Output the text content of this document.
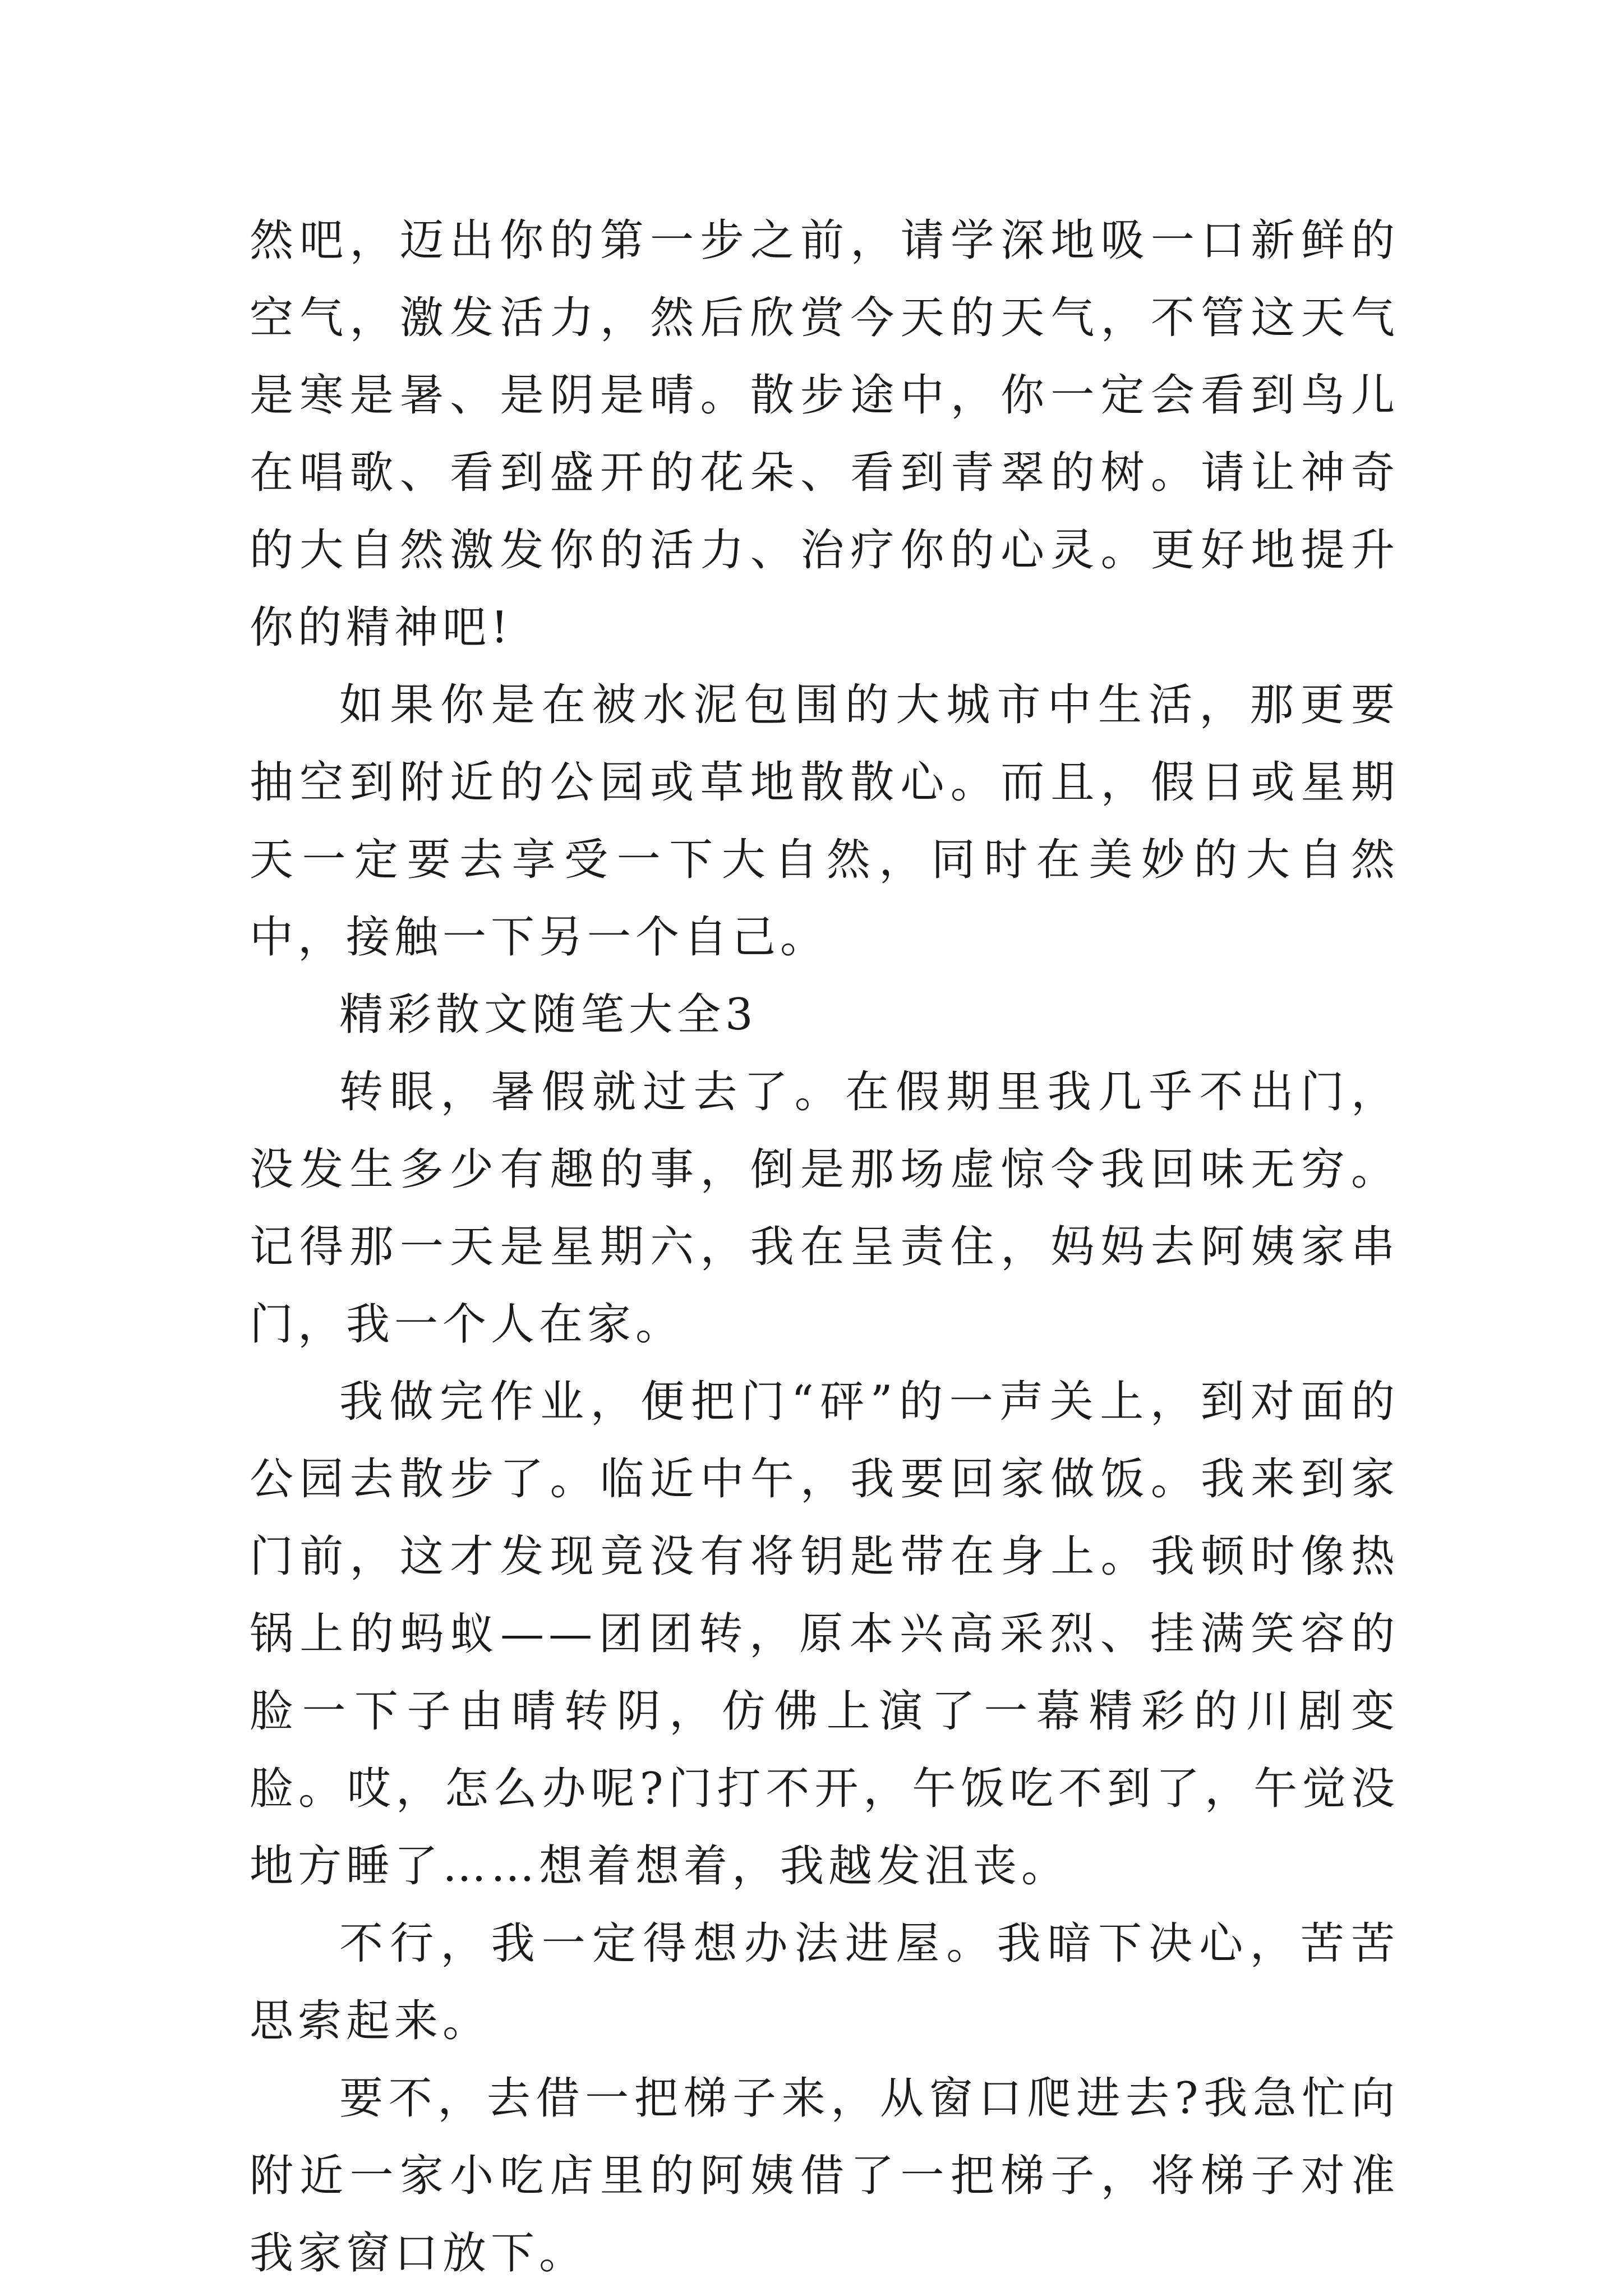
然吧，迈出你的第一步之前，请学深地吸一口新鲜的空气，激发活力，然后欣赏今天的天气，不管这天气是寒是暑、是阴是晴。散步途中，你一定会看到鸟儿在唱歌、看到盛开的花朵、看到青翠的树。请让神奇的大自然激发你的活力、治疗你的心灵。更好地提升你的精神吧!

如果你是在被水泥包围的大城市中生活，那更要抽空到附近的公园或草地散散心。而且，假日或星期天一定要去享受一下大自然，同时在美妙的大自然中，接触一下另一个自己。

精彩散文随笔大全3

转眼，暑假就过去了。在假期里我几乎不出门，没发生多少有趣的事，倒是那场虚惊令我回味无穷。记得那一天是星期六，我在呈责住，妈妈去阿姨家串门，我一个人在家。

我做完作业，便把门“砰”的一声关上，到对面的公园去散步了。临近中午，我要回家做饭。我来到家门前，这才发现竟没有将钥匙带在身上。我顿时像热锅上的蚂蚁——团团转，原本兴高采烈、挂满笑容的脸一下子由晴转阴，仿佛上演了一幕精彩的川剧变脸。哎，怎么办呢?门打不开，午饭吃不到了，午觉没地方睡了……想着想着，我越发沮丧。

不行，我一定得想办法进屋。我暗下决心，苦苦思索起来。

要不，去借一把梯子来，从窗口爬进去?我急忙向附近一家小吃店里的阿姨借了一把梯子，将梯子对准我家窗口放下。
